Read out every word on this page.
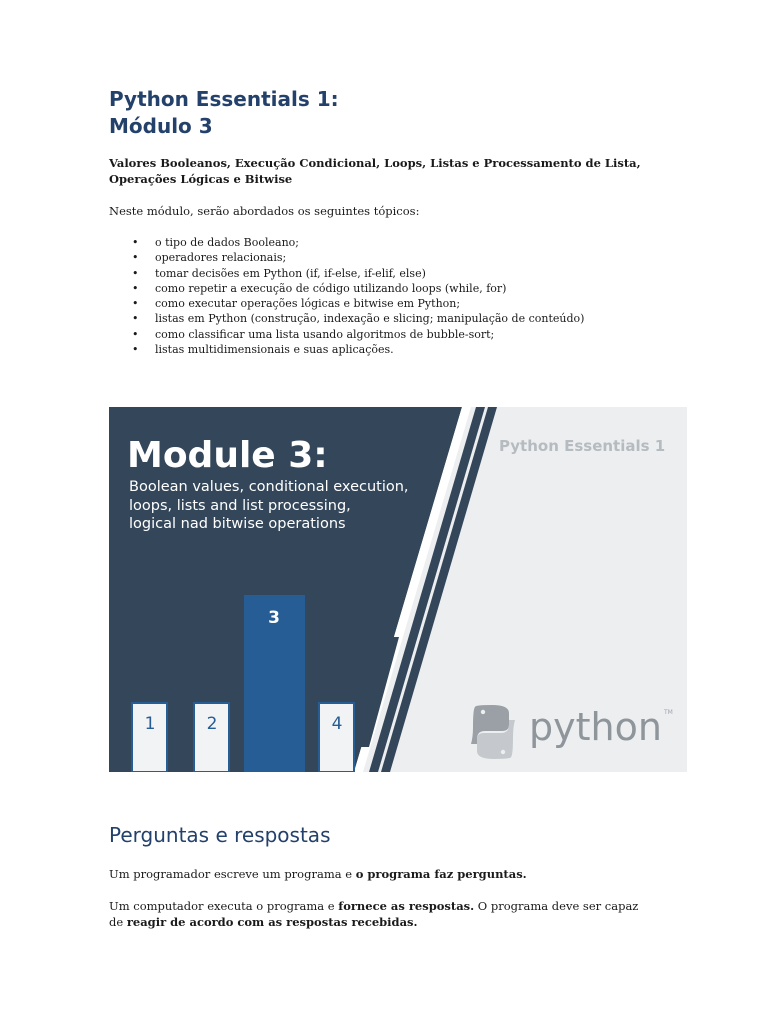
Python Essentials 1:
Módulo 3

Valores Booleanos, Execução Condicional, Loops, Listas e Processamento de Lista,
Operações Lógicas e Bitwise

Neste módulo, serão abordados os seguintes tópicos:

• o tipo de dados Booleano;
• operadores relacionais;
• tomar decisões em Python (if, if-else, if-elif, else)
• como repetir a execução de código utilizando loops (while, for)
• como executar operações lógicas e bitwise em Python;
• listas em Python (construção, indexação e slicing; manipulação de conteúdo)
• como classificar uma lista usando algoritmos de bubble-sort;
• listas multidimensionais e suas aplicações.
Module 3:
Boolean values, conditional execution,
loops, lists and list processing,
logical nad bitwise operations
Python Essentials 1
1	2
3
4	python TM
Perguntas e respostas

Um programador escreve um programa e o programa faz perguntas.

Um computador executa o programa e fornece as respostas. O programa deve ser capaz
de reagir de acordo com as respostas recebidas.
